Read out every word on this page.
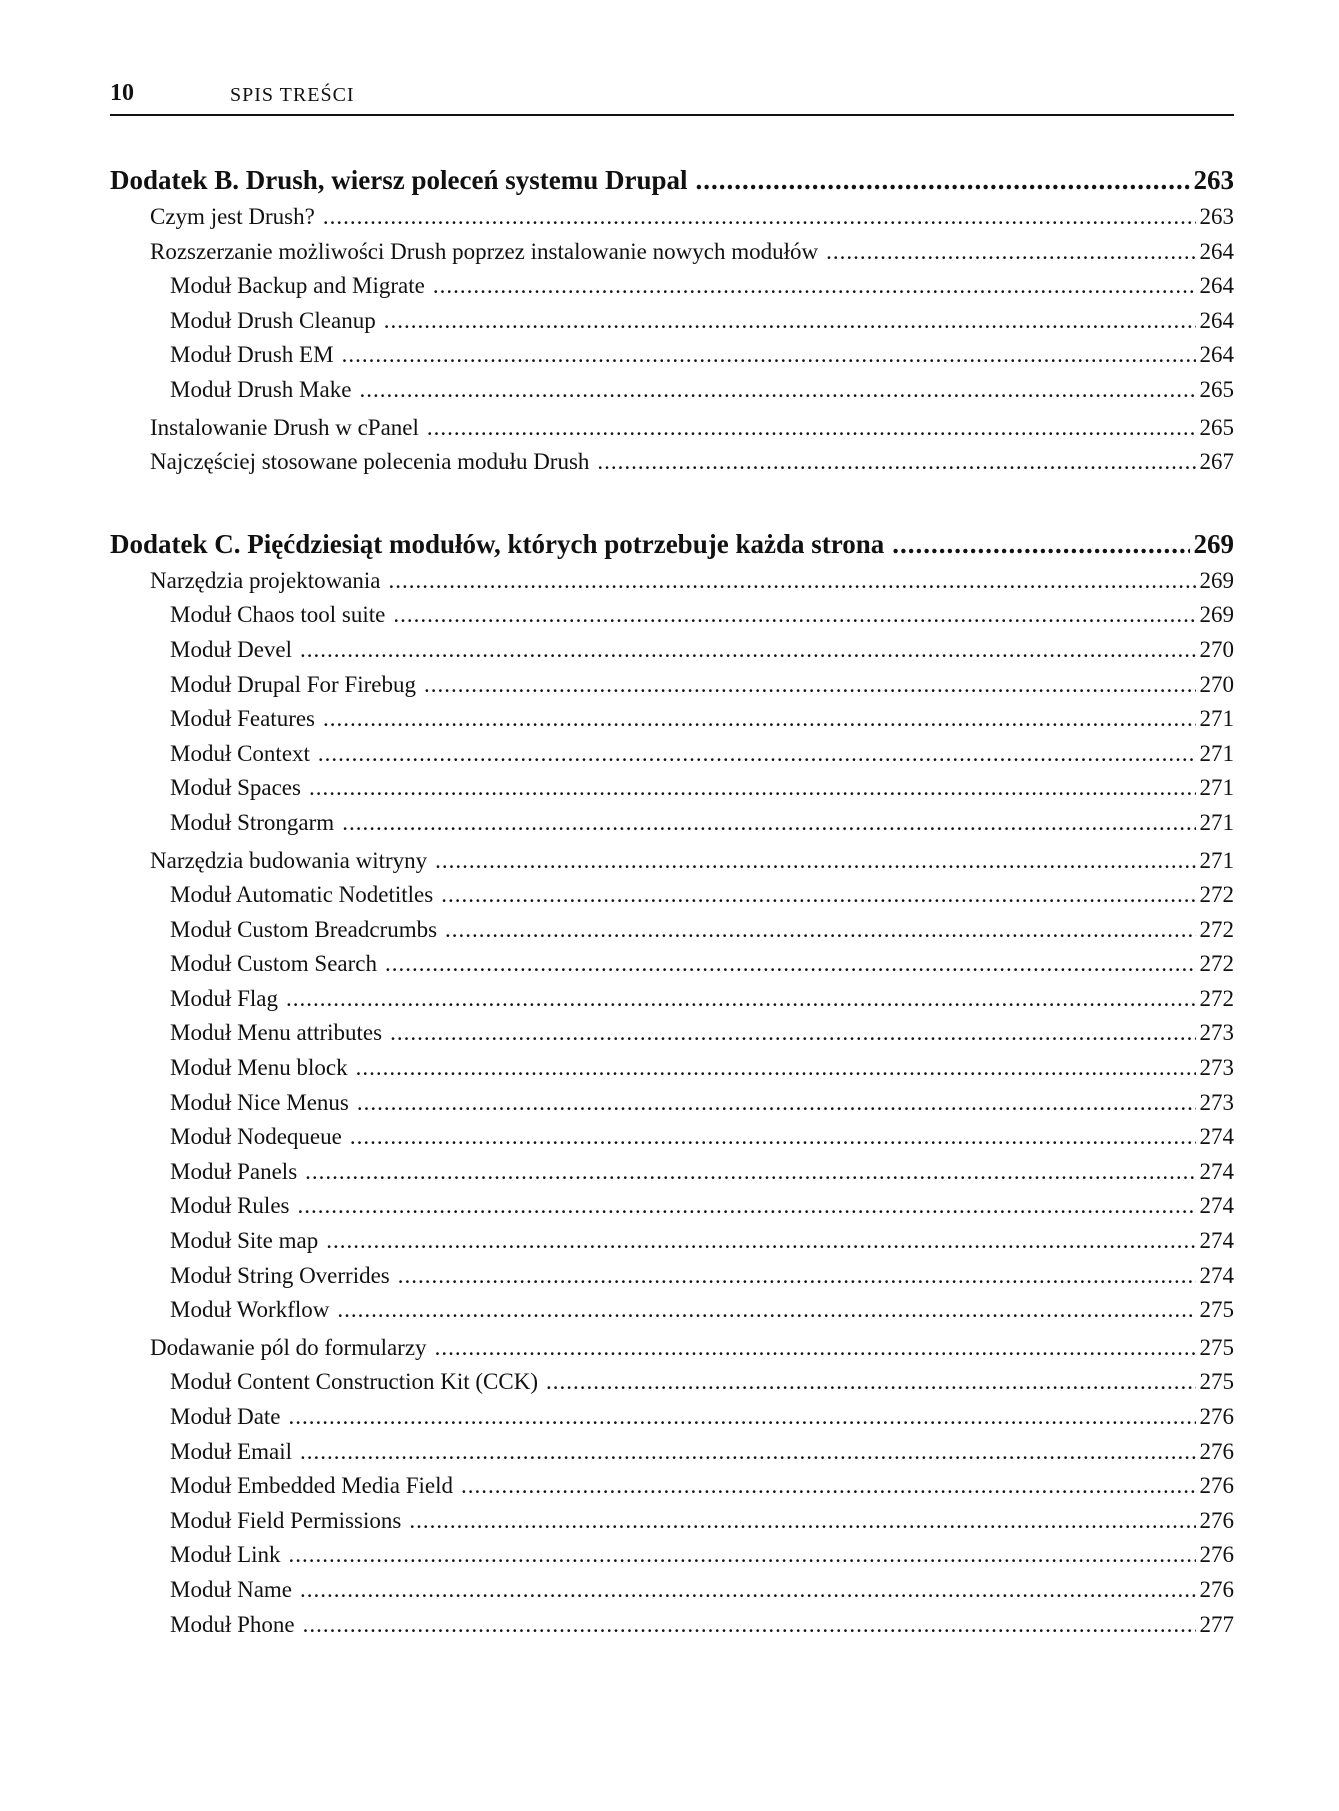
10	SPIS TREŚCI
Dodatek B. Drush, wiersz poleceń systemu Drupal .....	263
Czym jest Drush? .....	263
Rozszerzanie możliwości Drush poprzez instalowanie nowych modułów .....	264
Moduł Backup and Migrate .....	264
Moduł Drush Cleanup .....	264
Moduł Drush EM .....	264
Moduł Drush Make .....	265
Instalowanie Drush w cPanel .....	265
Najczęściej stosowane polecenia modułu Drush .....	267
Dodatek C. Pięćdziesiąt modułów, których potrzebuje każda strona .....	269
Narzędzia projektowania .....	269
Moduł Chaos tool suite .....	269
Moduł Devel .....	270
Moduł Drupal For Firebug .....	270
Moduł Features .....	271
Moduł Context .....	271
Moduł Spaces .....	271
Moduł Strongarm .....	271
Narzędzia budowania witryny .....	271
Moduł Automatic Nodetitles .....	272
Moduł Custom Breadcrumbs .....	272
Moduł Custom Search .....	272
Moduł Flag .....	272
Moduł Menu attributes .....	273
Moduł Menu block .....	273
Moduł Nice Menus .....	273
Moduł Nodequeue .....	274
Moduł Panels .....	274
Moduł Rules .....	274
Moduł Site map .....	274
Moduł String Overrides .....	274
Moduł Workflow .....	275
Dodawanie pól do formularzy .....	275
Moduł Content Construction Kit (CCK) .....	275
Moduł Date .....	276
Moduł Email .....	276
Moduł Embedded Media Field .....	276
Moduł Field Permissions .....	276
Moduł Link .....	276
Moduł Name .....	276
Moduł Phone .....	277
